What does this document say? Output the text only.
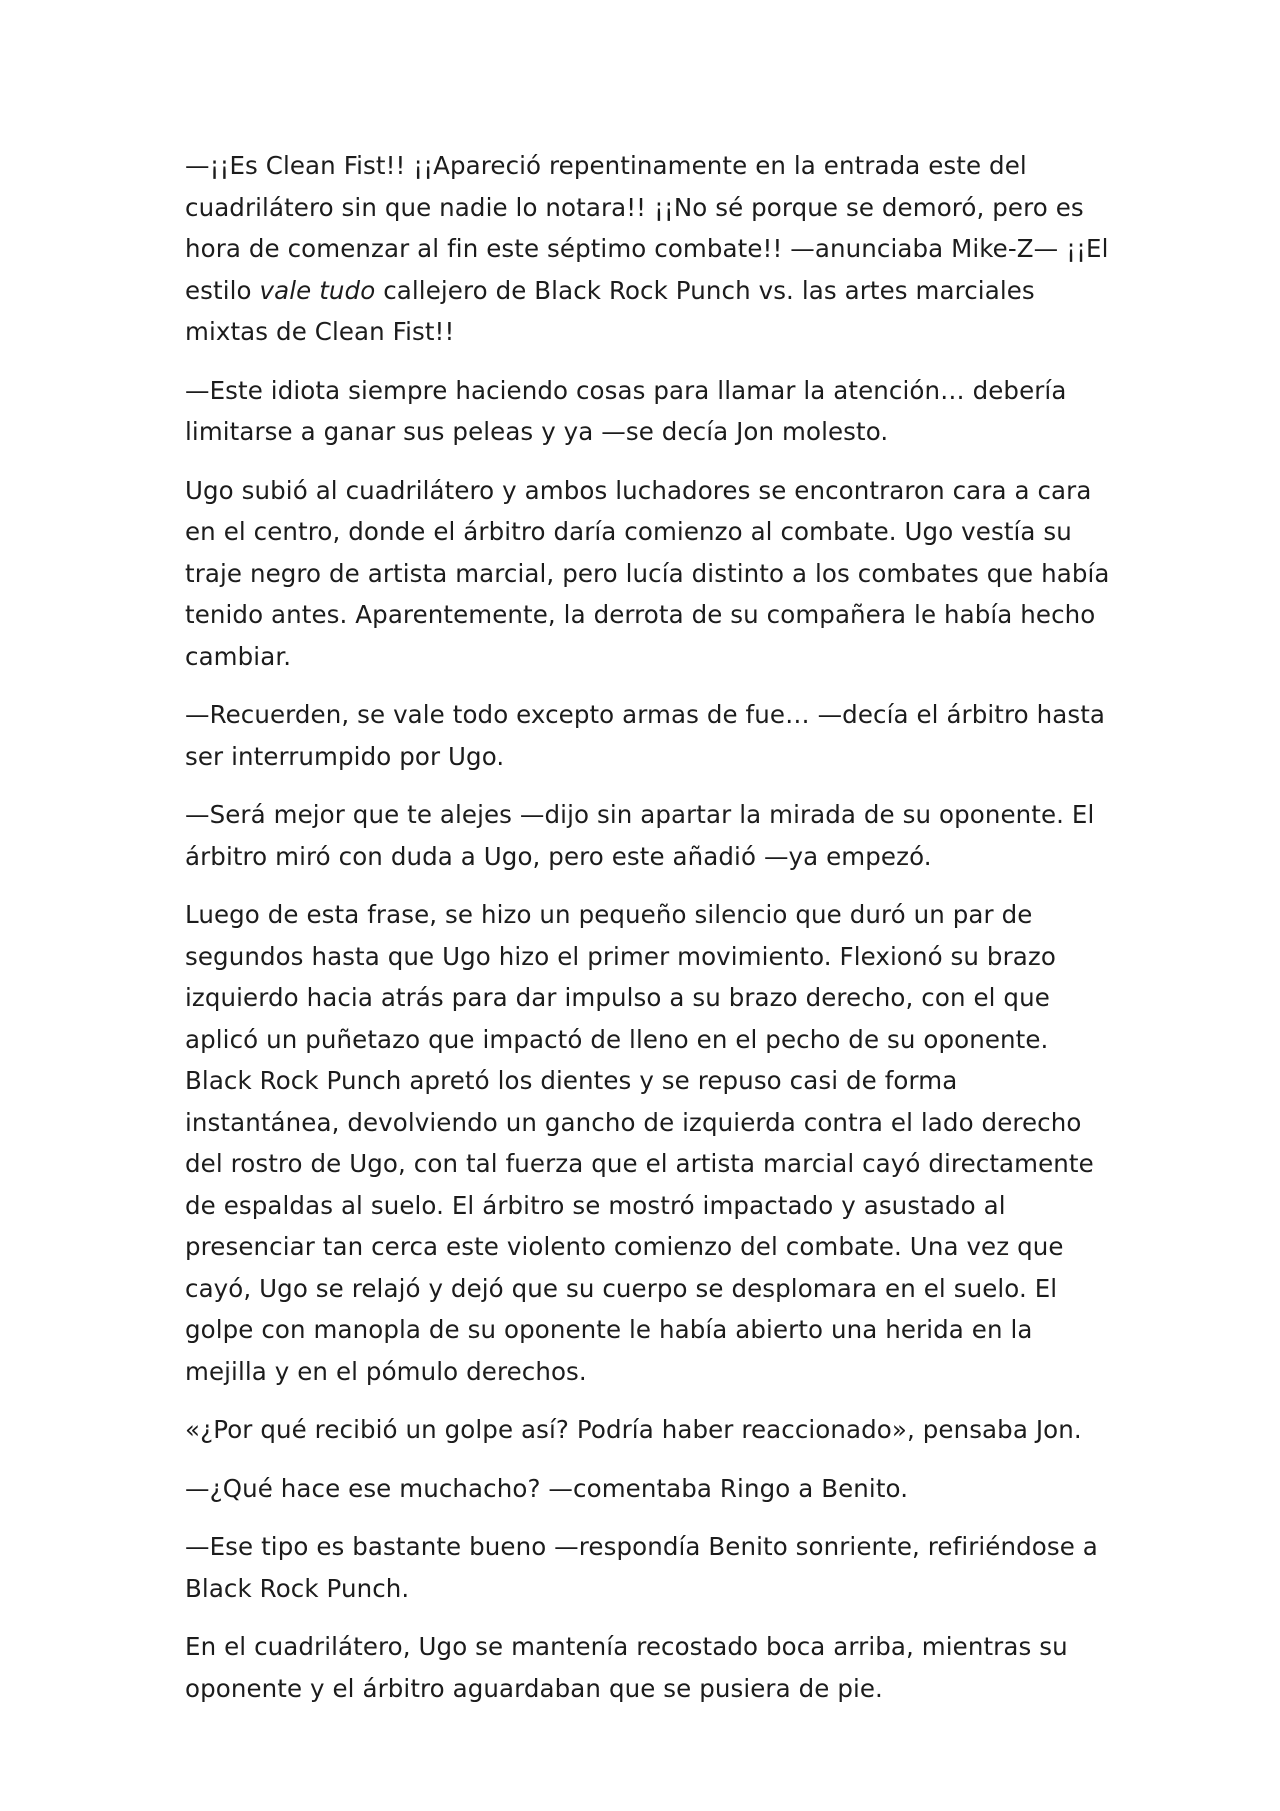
—¡¡Es Clean Fist!! ¡¡Apareció repentinamente en la entrada este del cuadrilátero sin que nadie lo notara!! ¡¡No sé porque se demoró, pero es hora de comenzar al fin este séptimo combate!! —anunciaba Mike-Z— ¡¡El estilo vale tudo callejero de Black Rock Punch vs. las artes marciales mixtas de Clean Fist!!

—Este idiota siempre haciendo cosas para llamar la atención… debería limitarse a ganar sus peleas y ya —se decía Jon molesto.

Ugo subió al cuadrilátero y ambos luchadores se encontraron cara a cara en el centro, donde el árbitro daría comienzo al combate. Ugo vestía su traje negro de artista marcial, pero lucía distinto a los combates que había tenido antes. Aparentemente, la derrota de su compañera le había hecho cambiar.

—Recuerden, se vale todo excepto armas de fue… —decía el árbitro hasta ser interrumpido por Ugo.

—Será mejor que te alejes —dijo sin apartar la mirada de su oponente. El árbitro miró con duda a Ugo, pero este añadió —ya empezó.

Luego de esta frase, se hizo un pequeño silencio que duró un par de segundos hasta que Ugo hizo el primer movimiento. Flexionó su brazo izquierdo hacia atrás para dar impulso a su brazo derecho, con el que aplicó un puñetazo que impactó de lleno en el pecho de su oponente. Black Rock Punch apretó los dientes y se repuso casi de forma instantánea, devolviendo un gancho de izquierda contra el lado derecho del rostro de Ugo, con tal fuerza que el artista marcial cayó directamente de espaldas al suelo. El árbitro se mostró impactado y asustado al presenciar tan cerca este violento comienzo del combate. Una vez que cayó, Ugo se relajó y dejó que su cuerpo se desplomara en el suelo. El golpe con manopla de su oponente le había abierto una herida en la mejilla y en el pómulo derechos.

«¿Por qué recibió un golpe así? Podría haber reaccionado», pensaba Jon.

—¿Qué hace ese muchacho? —comentaba Ringo a Benito.

—Ese tipo es bastante bueno —respondía Benito sonriente, refiriéndose a Black Rock Punch.

En el cuadrilátero, Ugo se mantenía recostado boca arriba, mientras su oponente y el árbitro aguardaban que se pusiera de pie.
